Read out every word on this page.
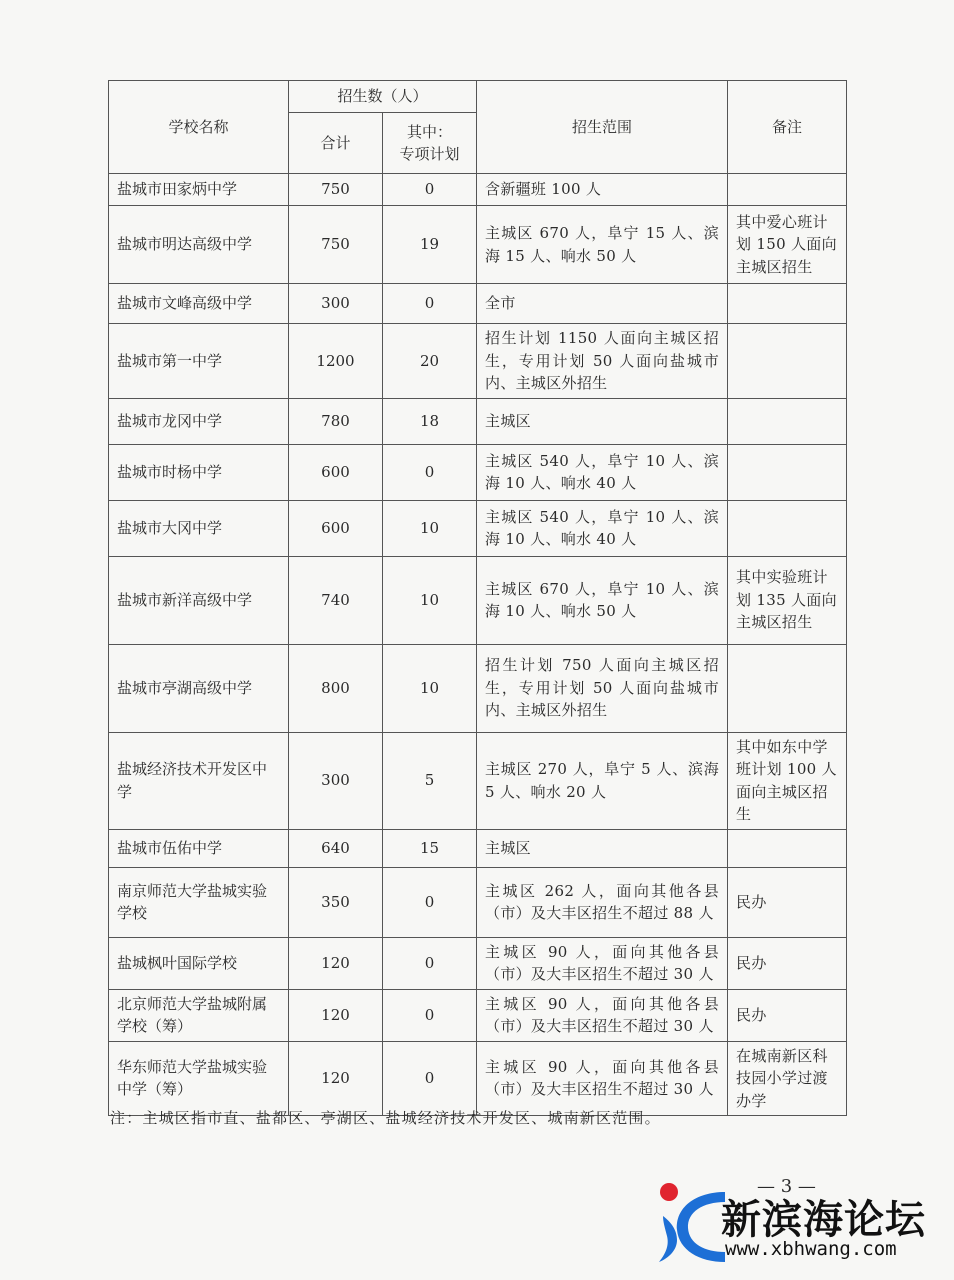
学校名称	招生数（人）		招生范围	备注
	合计	其中：
专项计划		

盐城市田家炳中学	750	0	含新疆班 100 人	
盐城市明达高级中学	750	19	主城区 670 人，阜宁 15 人、滨海 15 人、响水 50 人	其中爱心班计划 150 人面向主城区招生
盐城市文峰高级中学	300	0	全市	
盐城市第一中学	1200	20	招生计划 1150 人面向主城区招生，专用计划 50 人面向盐城市内、主城区外招生	
盐城市龙冈中学	780	18	主城区	
盐城市时杨中学	600	0	主城区 540 人，阜宁 10 人、滨海 10 人、响水 40 人	
盐城市大冈中学	600	10	主城区 540 人，阜宁 10 人、滨海 10 人、响水 40 人	
盐城市新洋高级中学	740	10	主城区 670 人，阜宁 10 人、滨海 10 人、响水 50 人	其中实验班计划 135 人面向主城区招生
盐城市亭湖高级中学	800	10	招生计划 750 人面向主城区招生，专用计划 50 人面向盐城市内、主城区外招生	
盐城经济技术开发区中学	300	5	主城区 270 人，阜宁 5 人、滨海 5 人、响水 20 人	其中如东中学班计划 100 人面向主城区招生
盐城市伍佑中学	640	15	主城区	
南京师范大学盐城实验学校	350	0	主城区 262 人，面向其他各县（市）及大丰区招生不超过 88 人	民办
盐城枫叶国际学校	120	0	主城区 90 人，面向其他各县（市）及大丰区招生不超过 30 人	民办
北京师范大学盐城附属学校（筹）	120	0	主城区 90 人，面向其他各县（市）及大丰区招生不超过 30 人	民办
华东师范大学盐城实验中学（筹）	120	0	主城区 90 人，面向其他各县（市）及大丰区招生不超过 30 人	在城南新区科技园小学过渡办学
注：主城区指市直、盐都区、亭湖区、盐城经济技术开发区、城南新区范围。
— 3 —
新滨海论坛
www.xbhwang.com
